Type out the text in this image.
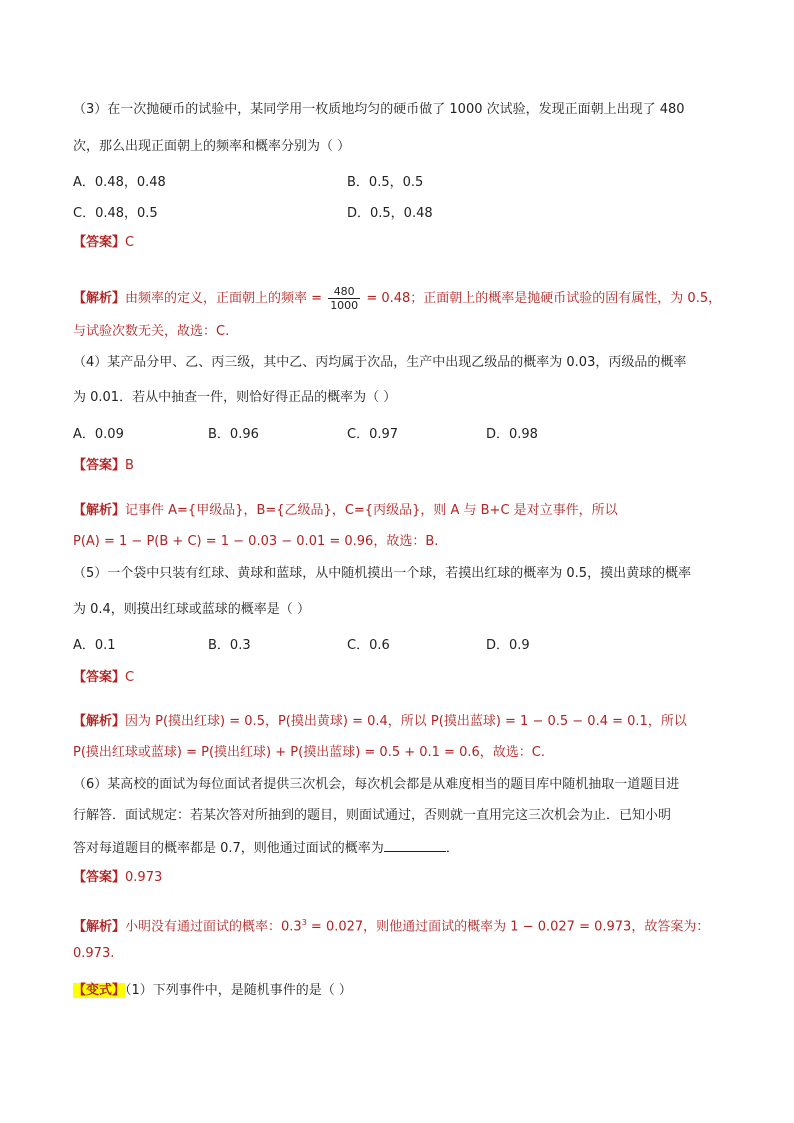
（3）在一次抛硬币的试验中，某同学用一枚质地均匀的硬币做了 1000 次试验，发现正面朝上出现了 480
次，那么出现正面朝上的频率和概率分别为（ ）
A．0.48，0.48	B．0.5，0.5
C．0.48，0.5	D．0.5，0.48
【答案】C
【解析】由频率的定义，正面朝上的频率 = $\frac{480}{1000} = 0.48$；正面朝上的概率是抛硬币试验的固有属性，为 0.5，
与试验次数无关，故选：C.
（4）某产品分甲、乙、丙三级，其中乙、丙均属于次品，生产中出现乙级品的概率为 0.03，丙级品的概率
为 0.01．若从中抽查一件，则恰好得正品的概率为（ ）
A．0.09	B．0.96	C．0.97	D．0.98
【答案】B
【解析】记事件 A={甲级品}，B={乙级品}，C={丙级品}，则 A 与 B+C 是对立事件，所以
P(A) = 1 − P(B + C) = 1 − 0.03 − 0.01 = 0.96，故选：B.
（5）一个袋中只装有红球、黄球和蓝球，从中随机摸出一个球，若摸出红球的概率为 0.5，摸出黄球的概率
为 0.4，则摸出红球或蓝球的概率是（ ）
A．0.1	B．0.3	C．0.6	D．0.9
【答案】C
【解析】因为 P(摸出红球) = 0.5，P(摸出黄球) = 0.4，所以 P(摸出蓝球) = 1 − 0.5 − 0.4 = 0.1，所以
P(摸出红球或蓝球) = P(摸出红球) + P(摸出蓝球) = 0.5 + 0.1 = 0.6，故选：C.
（6）某高校的面试为每位面试者提供三次机会，每次机会都是从难度相当的题目库中随机抽取一道题目进
行解答．面试规定：若某次答对所抽到的题目，则面试通过，否则就一直用完这三次机会为止．已知小明
答对每道题目的概率都是 0.7，则他通过面试的概率为	．
【答案】0.973
【解析】小明没有通过面试的概率：$0.3^3 = 0.027$，则他通过面试的概率为 1 − 0.027 = 0.973，故答案为：
0.973.
【变式】（1）下列事件中，是随机事件的是（ ）
